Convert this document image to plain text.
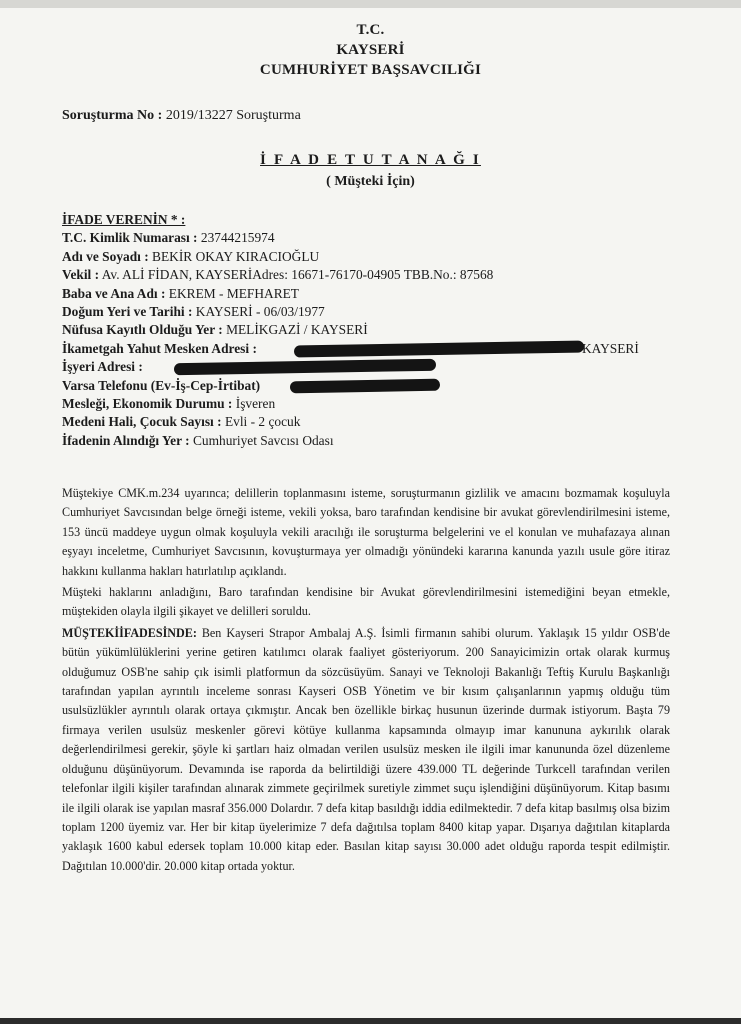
T.C.
KAYSERİ
CUMHURİYET BAŞSAVCILIĞI
Soruşturma No : 2019/13227 Soruşturma
İ F A D E T U T A N A Ğ I
( Müşteki İçin)
İFADE VERENİN * :
T.C. Kimlik Numarası : 23744215974
Adı ve Soyadı : BEKİR OKAY KIRACIOĞLU
Vekil : Av. ALİ FİDAN, KAYSERİAdres: 16671-76170-04905 TBB.No.: 87568
Baba ve Ana Adı : EKREM - MEFHARET
Doğum Yeri ve Tarihi : KAYSERİ - 06/03/1977
Nüfusa Kayıtlı Olduğu Yer : MELİKGAZİ / KAYSERİ
İkametgah Yahut Mesken Adresi :	KAYSERİ
İşyeri Adresi :
Varsa Telefonu (Ev-İş-Cep-İrtibat)
Mesleği, Ekonomik Durumu : İşveren
Medeni Hali, Çocuk Sayısı : Evli - 2 çocuk
İfadenin Alındığı Yer : Cumhuriyet Savcısı Odası

Müştekiye CMK.m.234 uyarınca; delillerin toplanmasını isteme, soruşturmanın gizlilik ve amacını bozmamak koşuluyla Cumhuriyet Savcısından belge örneği isteme, vekili yoksa, baro tarafından kendisine bir avukat görevlendirilmesini isteme, 153 üncü maddeye uygun olmak koşuluyla vekili aracılığı ile soruşturma belgelerini ve el konulan ve muhafazaya alınan eşyayı inceletme, Cumhuriyet Savcısının, kovuşturmaya yer olmadığı yönündeki kararına kanunda yazılı usule göre itiraz hakkını kullanma hakları hatırlatılıp açıklandı.

Müşteki haklarını anladığını, Baro tarafından kendisine bir Avukat görevlendirilmesini istemediğini beyan etmekle, müştekiden olayla ilgili şikayet ve delilleri soruldu.

MÜŞTEKİİFADESİNDE: Ben Kayseri Strapor Ambalaj A.Ş. İsimli firmanın sahibi olurum. Yaklaşık 15 yıldır OSB'de bütün yükümlülüklerini yerine getiren katılımcı olarak faaliyet gösteriyorum. 200 Sanayicimizin ortak olarak kurmuş olduğumuz OSB'ne sahip çık isimli platformun da sözcüsüyüm. Sanayi ve Teknoloji Bakanlığı Teftiş Kurulu Başkanlığı tarafından yapılan ayrıntılı inceleme sonrası Kayseri OSB Yönetim ve bir kısım çalışanlarının yapmış olduğu tüm usulsüzlükler ayrıntılı olarak ortaya çıkmıştır. Ancak ben özellikle birkaç husunun üzerinde durmak istiyorum. Başta 79 firmaya verilen usulsüz meskenler görevi kötüye kullanma kapsamında olmayıp imar kanununa aykırılık olarak değerlendirilmesi gerekir, şöyle ki şartları haiz olmadan verilen usulsüz mesken ile ilgili imar kanununda özel düzenleme olduğunu düşünüyorum. Devamında ise raporda da belirtildiği üzere 439.000 TL değerinde Turkcell tarafından verilen telefonlar ilgili kişiler tarafından alınarak zimmete geçirilmek suretiyle zimmet suçu işlendiğini düşünüyorum. Kitap basımı ile ilgili olarak ise yapılan masraf 356.000 Dolardır. 7 defa kitap basıldığı iddia edilmektedir. 7 defa kitap basılmış olsa bizim toplam 1200 üyemiz var. Her bir kitap üyelerimize 7 defa dağıtılsa toplam 8400 kitap yapar. Dışarıya dağıtılan kitaplarda yaklaşık 1600 kabul edersek toplam 10.000 kitap eder. Basılan kitap sayısı 30.000 adet olduğu raporda tespit edilmiştir. Dağıtılan 10.000'dir. 20.000 kitap ortada yoktur.
